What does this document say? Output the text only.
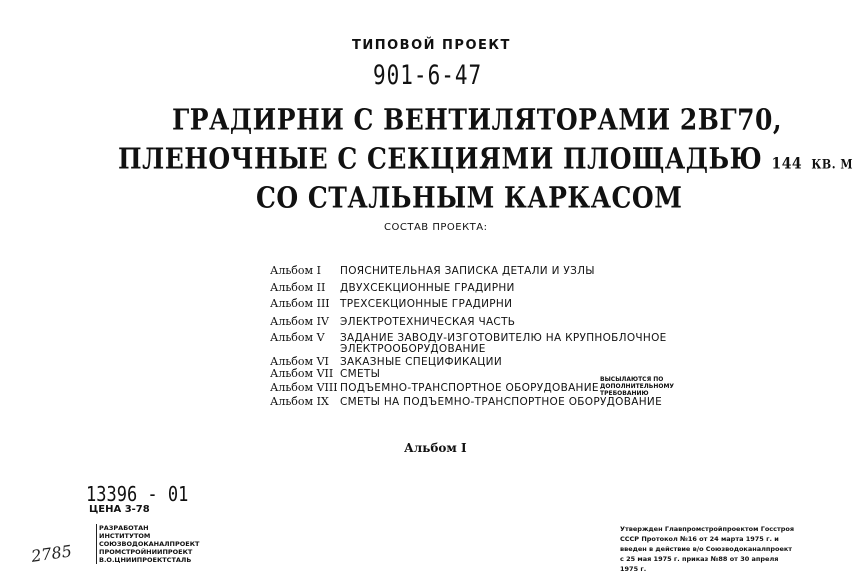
ТИПОВОЙ ПРОЕКТ
901-6-47
ГРАДИРНИ С ВЕНТИЛЯТОРАМИ 2ВГ70,
ПЛЕНОЧНЫЕ С СЕКЦИЯМИ ПЛОЩАДЬЮ 144 КВ. М
СО СТАЛЬНЫМ КАРКАСОМ
СОСТАВ ПРОЕКТА:
Альбом I ПОЯСНИТЕЛЬНАЯ ЗАПИСКА ДЕТАЛИ И УЗЛЫ
Альбом II ДВУХСЕКЦИОННЫЕ ГРАДИРНИ
Альбом III ТРЕХСЕКЦИОННЫЕ ГРАДИРНИ
Альбом IV ЭЛЕКТРОТЕХНИЧЕСКАЯ ЧАСТЬ
Альбом V ЗАДАНИЕ ЗАВОДУ-ИЗГОТОВИТЕЛЮ НА КРУПНОБЛОЧНОЕ
ЭЛЕКТРООБОРУДОВАНИЕ
Альбом VI ЗАКАЗНЫЕ СПЕЦИФИКАЦИИ
Альбом VII СМЕТЫ
Альбом VIII ПОДЪЕМНО-ТРАНСПОРТНОЕ ОБОРУДОВАНИЕ
Альбом IX СМЕТЫ НА ПОДЪЕМНО-ТРАНСПОРТНОЕ ОБОРУДОВАНИЕ
ВЫСЫЛАЮТСЯ ПО ДОПОЛНИТЕЛЬНОМУ ТРЕБОВАНИЮ
Альбом I
13396 - 01
ЦЕНА 3-78
РАЗРАБОТАН ИНСТИТУТОМ СОЮЗВОДОКАНАЛПРОЕКТ ПРОМСТРОЙНИИПРОЕКТ В.О.ЦНИИПРОЕКТСТАЛЬ
Утвержден Главпромстройпроектом Госстроя СССР Протокол №16 от 24 марта 1975 г. и введен в действие в/о Союзводоканалпроект с 25 мая 1975 г. приказ №88 от 30 апреля 1975 г.
2785
